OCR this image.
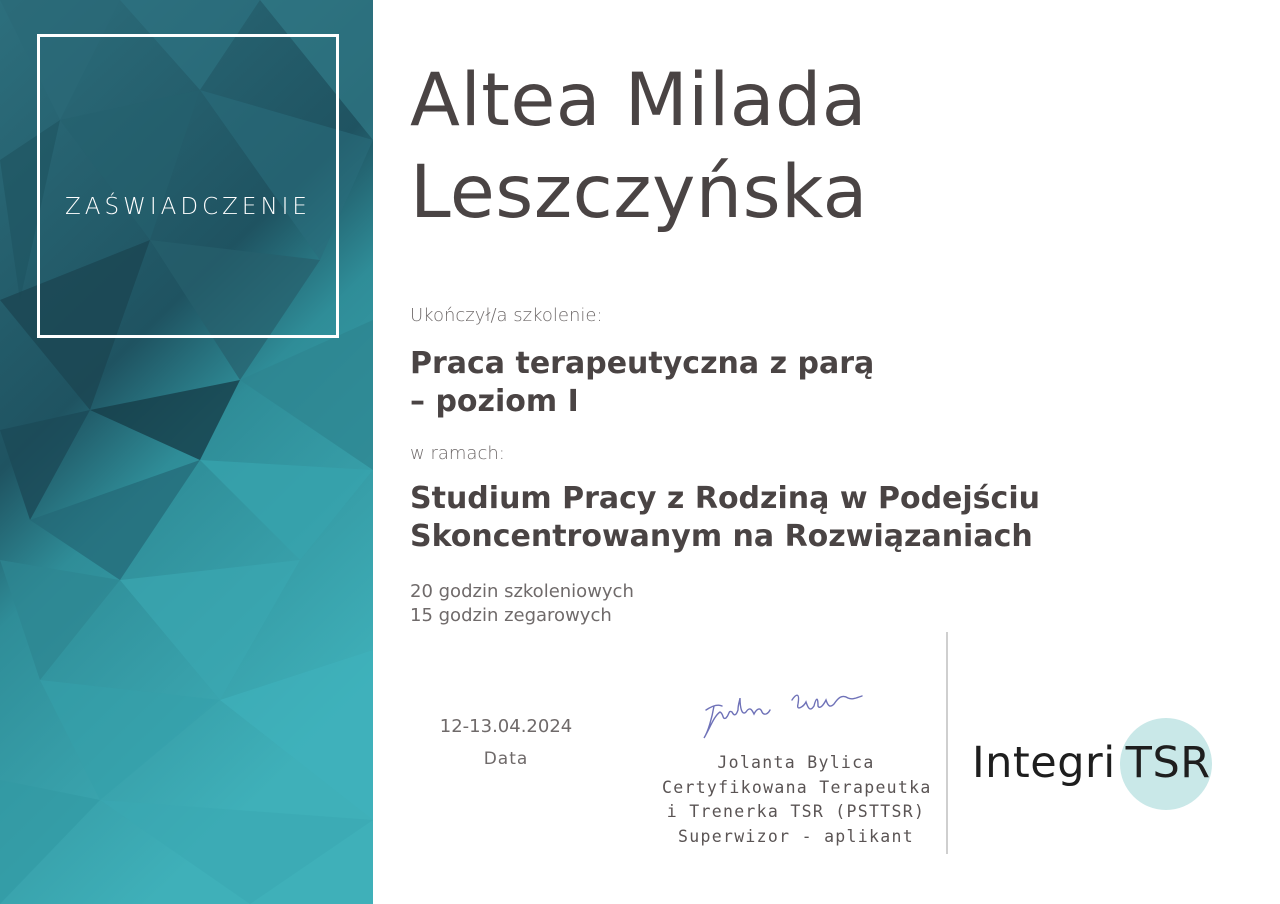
ZAŚWIADCZENIE
Altea Milada
Leszczyńska
Ukończył/a szkolenie:
Praca terapeutyczna z parą
– poziom I
w ramach:
Studium Pracy z Rodziną w Podejściu
Skoncentrowanym na Rozwiązaniach
20 godzin szkoleniowych
15 godzin zegarowych
12-13.04.2024
Data	Jolanta Bylica
Certyfikowana Terapeutka
i Trenerka TSR (PSTTSR)
Superwizor - aplikant
Integri TSR
